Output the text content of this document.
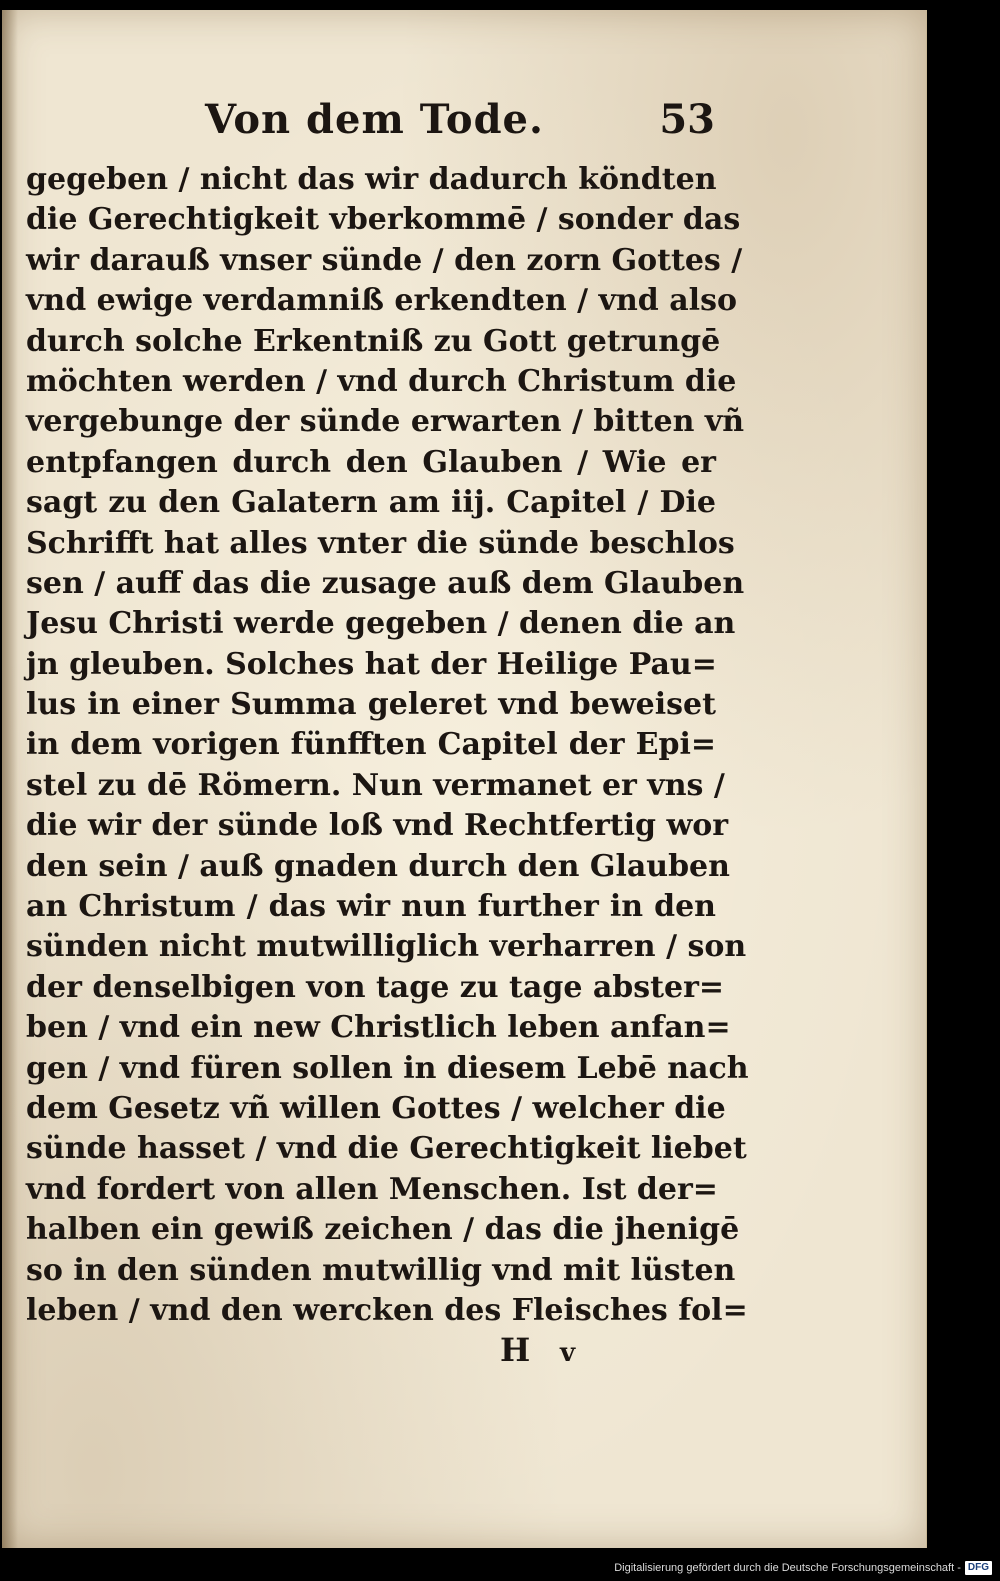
Von dem Tode.	53
gegeben / nicht das wir dadurch köndten
die Gerechtigkeit vberkommē / sonder das
wir darauß vnser sünde / den zorn Gottes /
vnd ewige verdamniß erkendten / vnd also
durch solche Erkentniß zu Gott getrungē
möchten werden / vnd durch Christum die
vergebunge der sünde erwarten / bitten vñ
entpfangen durch den Glauben / Wie er
sagt zu den Galatern am iij. Capitel / Die
Schrifft hat alles vnter die sünde beschlos
sen / auff das die zusage auß dem Glauben
Jesu Christi werde gegeben / denen die an
jn gleuben. Solches hat der Heilige Pau=
lus in einer Summa geleret vnd beweiset
in dem vorigen fünfften Capitel der Epi=
stel zu dē Römern. Nun vermanet er vns /
die wir der sünde loß vnd Rechtfertig wor
den sein / auß gnaden durch den Glauben
an Christum / das wir nun further in den
sünden nicht mutwilliglich verharren / son
der denselbigen von tage zu tage abster=
ben / vnd ein new Christlich leben anfan=
gen / vnd füren sollen in diesem Lebē nach
dem Gesetz vñ willen Gottes / welcher die
sünde hasset / vnd die Gerechtigkeit liebet
vnd fordert von allen Menschen. Ist der=
halben ein gewiß zeichen / das die jhenigē
so in den sünden mutwillig vnd mit lüsten
leben / vnd den wercken des Fleisches fol=
H v
Digitalisierung gefördert durch die Deutsche Forschungsgemeinschaft - DFG
